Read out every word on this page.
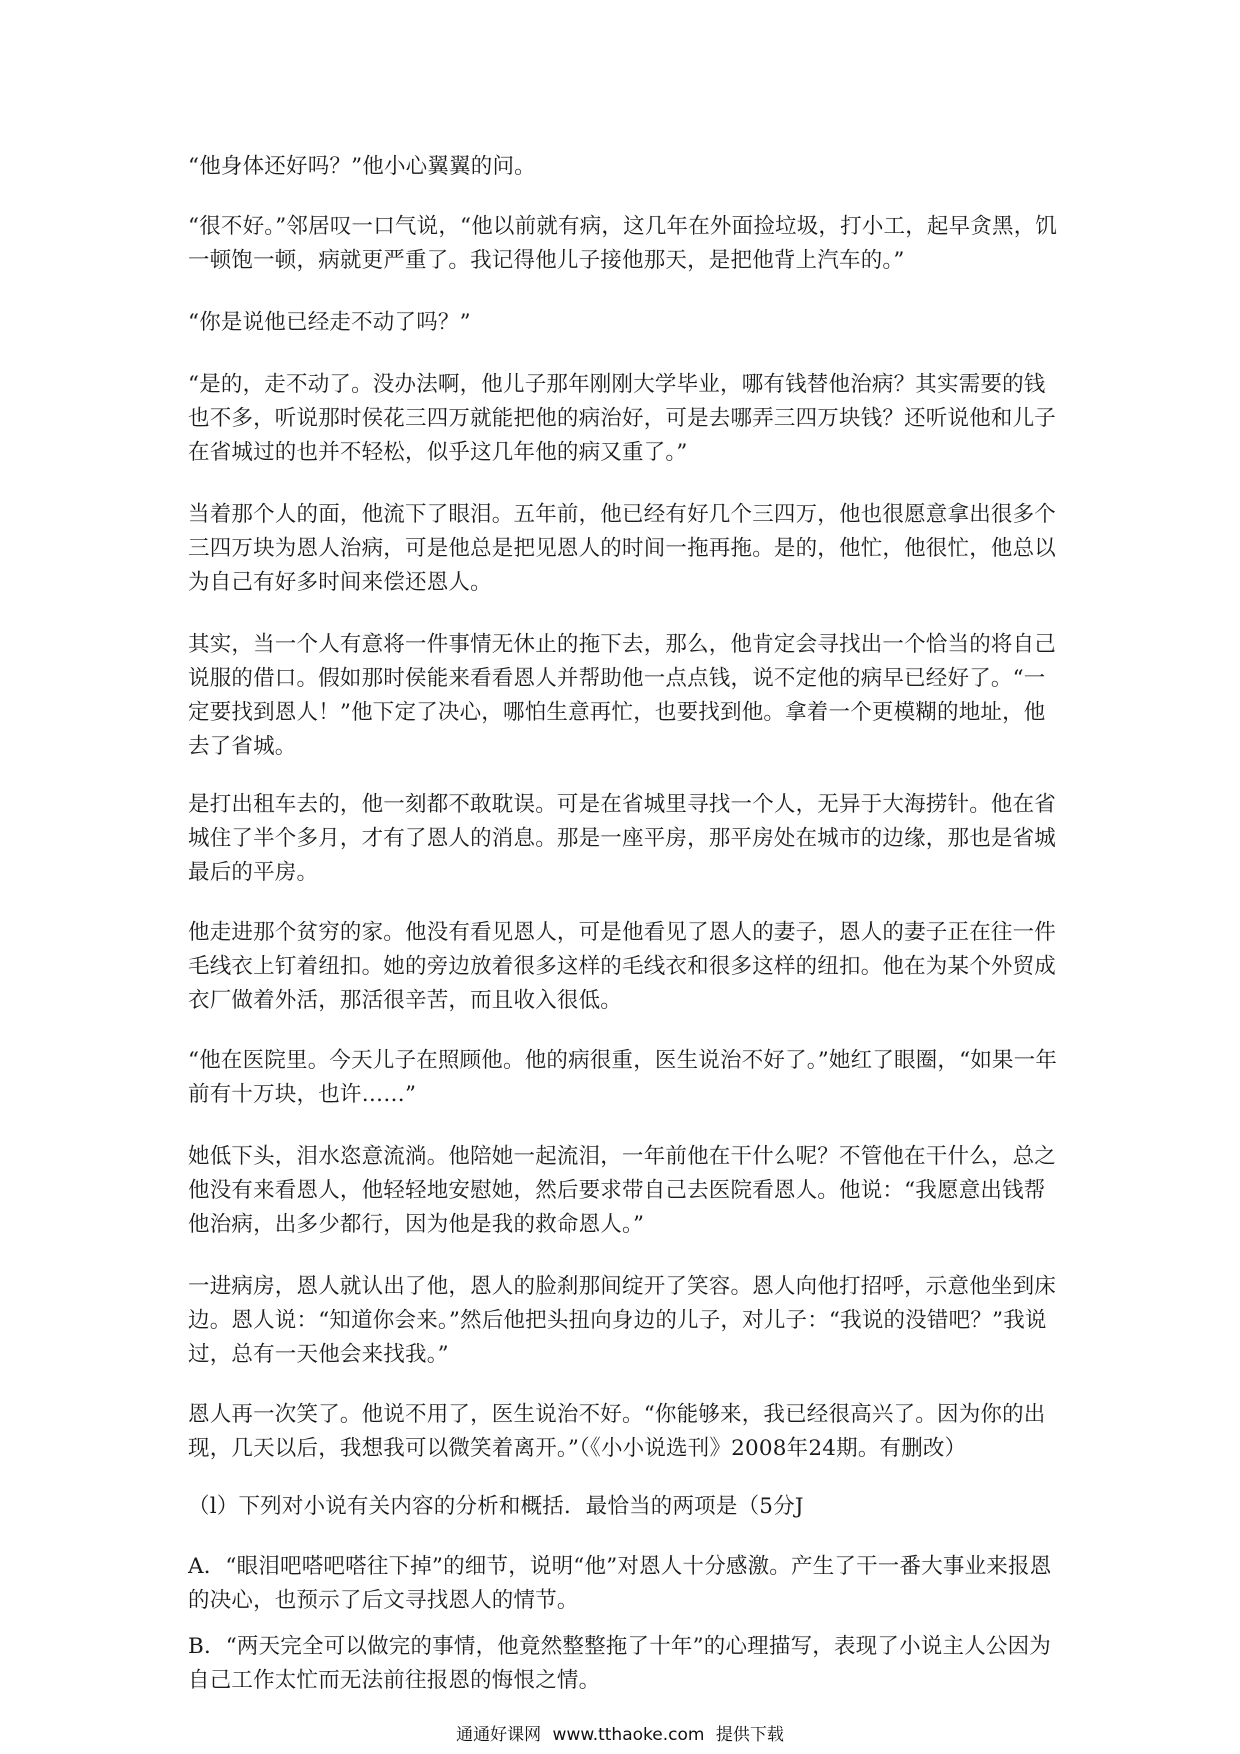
“他身体还好吗？”他小心翼翼的问。

“很不好。”邻居叹一口气说，“他以前就有病，这几年在外面捡垃圾，打小工，起早贪黑，饥一顿饱一顿，病就更严重了。我记得他儿子接他那天，是把他背上汽车的。”

“你是说他已经走不动了吗？”

“是的，走不动了。没办法啊，他儿子那年刚刚大学毕业，哪有钱替他治病？其实需要的钱也不多，听说那时侯花三四万就能把他的病治好，可是去哪弄三四万块钱？还听说他和儿子在省城过的也并不轻松，似乎这几年他的病又重了。”

当着那个人的面，他流下了眼泪。五年前，他已经有好几个三四万，他也很愿意拿出很多个三四万块为恩人治病，可是他总是把见恩人的时间一拖再拖。是的，他忙，他很忙，他总以为自己有好多时间来偿还恩人。

其实，当一个人有意将一件事情无休止的拖下去，那么，他肯定会寻找出一个恰当的将自己说服的借口。假如那时侯能来看看恩人并帮助他一点点钱，说不定他的病早已经好了。“一定要找到恩人！”他下定了决心，哪怕生意再忙，也要找到他。拿着一个更模糊的地址，他去了省城。

是打出租车去的，他一刻都不敢耽误。可是在省城里寻找一个人，无异于大海捞针。他在省城住了半个多月，才有了恩人的消息。那是一座平房，那平房处在城市的边缘，那也是省城最后的平房。

他走进那个贫穷的家。他没有看见恩人，可是他看见了恩人的妻子，恩人的妻子正在往一件毛线衣上钉着纽扣。她的旁边放着很多这样的毛线衣和很多这样的纽扣。他在为某个外贸成衣厂做着外活，那活很辛苦，而且收入很低。

“他在医院里。今天儿子在照顾他。他的病很重，医生说治不好了。”她红了眼圈，“如果一年前有十万块，也许……”

她低下头，泪水恣意流淌。他陪她一起流泪，一年前他在干什么呢？不管他在干什么，总之他没有来看恩人，他轻轻地安慰她，然后要求带自己去医院看恩人。他说：“我愿意出钱帮他治病，出多少都行，因为他是我的救命恩人。”

一进病房，恩人就认出了他，恩人的脸刹那间绽开了笑容。恩人向他打招呼，示意他坐到床边。恩人说：“知道你会来。”然后他把头扭向身边的儿子，对儿子：“我说的没错吧？”我说过，总有一天他会来找我。”

恩人再一次笑了。他说不用了，医生说治不好。“你能够来，我已经很高兴了。因为你的出现，几天以后，我想我可以微笑着离开。”（《小小说选刊》2008年24期。有删改）

（l）下列对小说有关内容的分析和概括．最恰当的两项是（5分J

A．“眼泪吧嗒吧嗒往下掉”的细节，说明“他”对恩人十分感激。产生了干一番大事业来报恩的决心，也预示了后文寻找恩人的情节。

B．“两天完全可以做完的事情，他竟然整整拖了十年”的心理描写，表现了小说主人公因为自己工作太忙而无法前往报恩的悔恨之情。

通通好课网 www.tthaoke.com 提供下载
